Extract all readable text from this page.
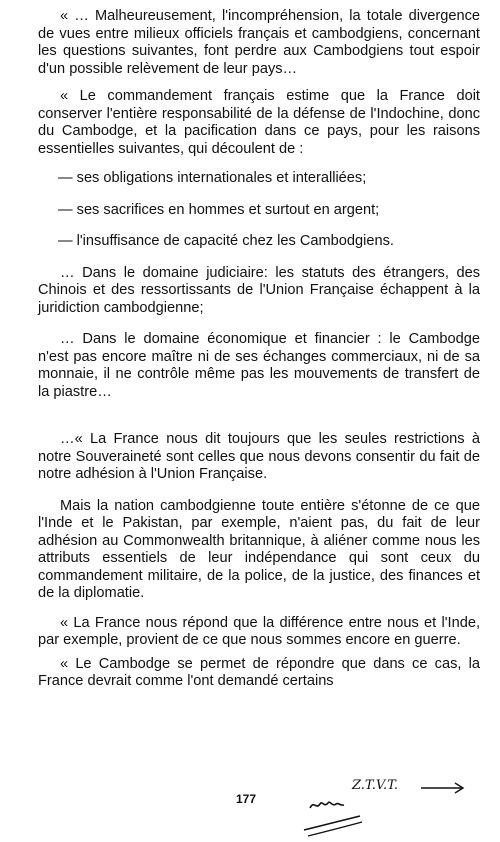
« … Malheureusement, l'incompréhension, la totale divergence de vues entre milieux officiels français et cambodgiens, concernant les questions suivantes, font perdre aux Cambodgiens tout espoir d'un possible relèvement de leur pays…

« Le commandement français estime que la France doit conserver l'entière responsabilité de la défense de l'Indochine, donc du Cambodge, et la pacification dans ce pays, pour les raisons essentielles suivantes, qui découlent de :

— ses obligations internationales et interalliées;
— ses sacrifices en hommes et surtout en argent;
— l'insuffisance de capacité chez les Cambodgiens.

… Dans le domaine judiciaire: les statuts des étrangers, des Chinois et des ressortissants de l'Union Française échappent à la juridiction cambodgienne;

… Dans le domaine économique et financier : le Cambodge n'est pas encore maître ni de ses échanges commerciaux, ni de sa monnaie, il ne contrôle même pas les mouvements de transfert de la piastre…

…« La France nous dit toujours que les seules restrictions à notre Souveraineté sont celles que nous devons consentir du fait de notre adhésion à l'Union Française.

Mais la nation cambodgienne toute entière s'étonne de ce que l'Inde et le Pakistan, par exemple, n'aient pas, du fait de leur adhésion au Commonwealth britannique, à aliéner comme nous les attributs essentiels de leur indépendance qui sont ceux du commandement militaire, de la police, de la justice, des finances et de la diplomatie.

« La France nous répond que la différence entre nous et l'Inde, par exemple, provient de ce que nous sommes encore en guerre.

« Le Cambodge se permet de répondre que dans ce cas, la France devrait comme l'ont demandé certains

Z.T.V.T.
177
